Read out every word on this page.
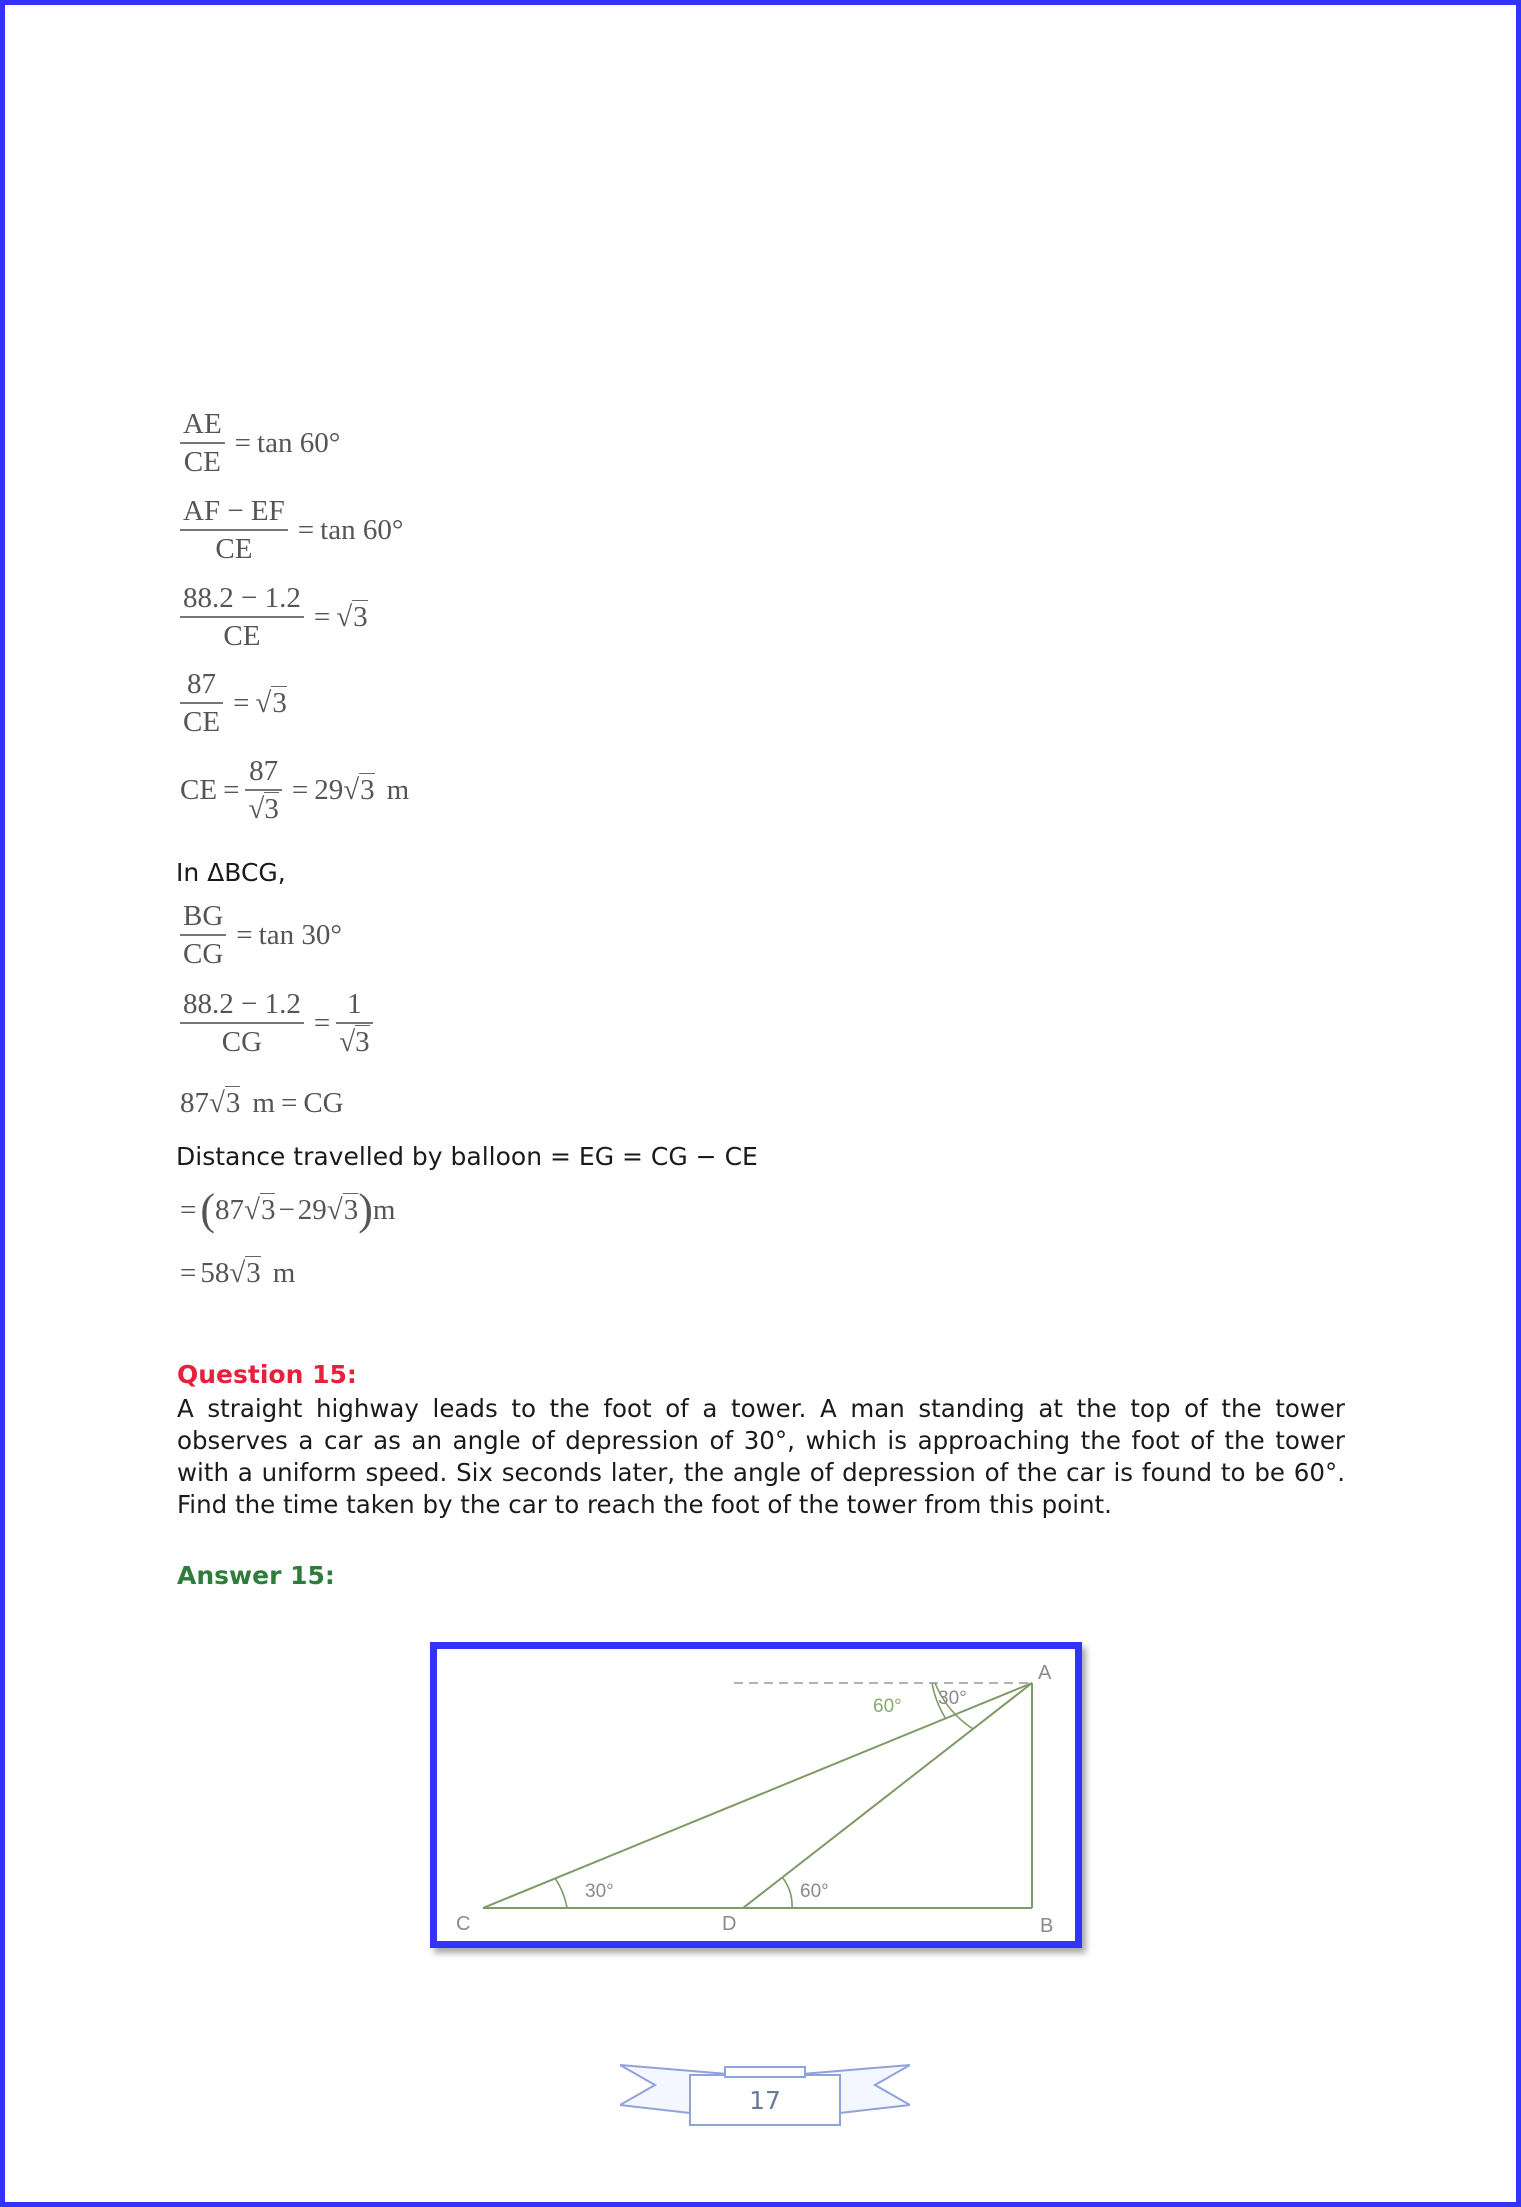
$\frac{AE}{CE} = \tan 60^\circ$
$\frac{AF - EF}{CE} = \tan 60^\circ$
$\frac{88.2 - 1.2}{CE} = √3$
$\frac{87}{CE} = √3$
CE = $\frac{87}{√3} = 29$ √3 m
In ΔBCG,
$\frac{BG}{CG} = \tan 30^\circ$
$\frac{88.2 - 1.2}{CG} = \frac{1}{√3}$
87 √3 m = CG
Distance travelled by balloon = EG = CG − CE
= ( 87 √3 − 29 √3 ) m
= 58 √3 m
Question 15:
A straight highway leads to the foot of a tower. A man standing at the top of the tower observes a car as an angle of depression of 30°, which is approaching the foot of the tower with a uniform speed. Six seconds later, the angle of depression of the car is found to be 60°. Find the time taken by the car to reach the foot of the tower from this point.
Answer 15:
A
B
C	D
30°	60°
60° 30°
17
